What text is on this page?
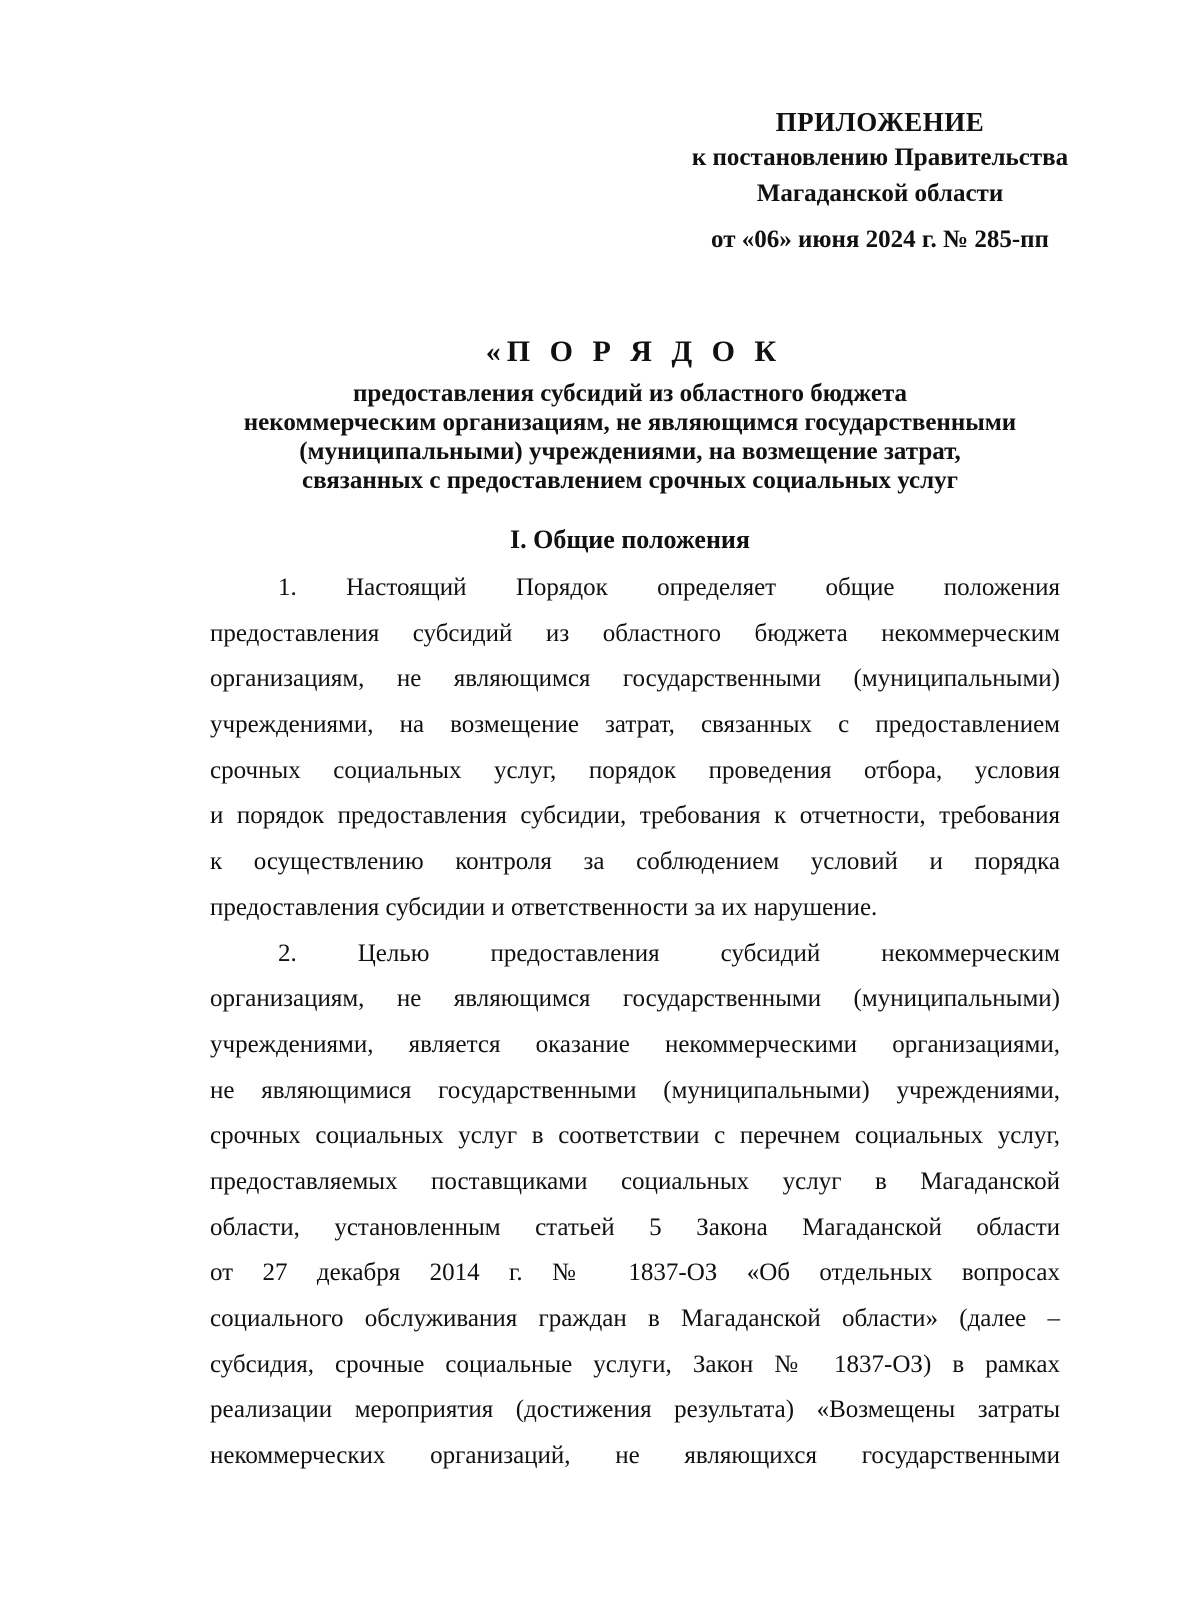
ПРИЛОЖЕНИЕ
к постановлению Правительства
Магаданской области
от «06» июня 2024 г. № 285-пп
«П О Р Я Д О К
предоставления субсидий из областного бюджета
некоммерческим организациям, не являющимся государственными
(муниципальными) учреждениями, на возмещение затрат,
связанных с предоставлением срочных социальных услуг
I. Общие положения
1. Настоящий Порядок определяет общие положения
предоставления субсидий из областного бюджета некоммерческим
организациям, не являющимся государственными (муниципальными)
учреждениями, на возмещение затрат, связанных с предоставлением
срочных социальных услуг, порядок проведения отбора, условия
и порядок предоставления субсидии, требования к отчетности, требования
к осуществлению контроля за соблюдением условий и порядка
предоставления субсидии и ответственности за их нарушение.
2. Целью предоставления субсидий некоммерческим
организациям, не являющимся государственными (муниципальными)
учреждениями, является оказание некоммерческими организациями,
не являющимися государственными (муниципальными) учреждениями,
срочных социальных услуг в соответствии с перечнем социальных услуг,
предоставляемых поставщиками социальных услуг в Магаданской
области, установленным статьей 5 Закона Магаданской области
от 27 декабря 2014 г. № 1837-ОЗ «Об отдельных вопросах
социального обслуживания граждан в Магаданской области» (далее –
субсидия, срочные социальные услуги, Закон № 1837-ОЗ) в рамках
реализации мероприятия (достижения результата) «Возмещены затраты
некоммерческих организаций, не являющихся государственными
